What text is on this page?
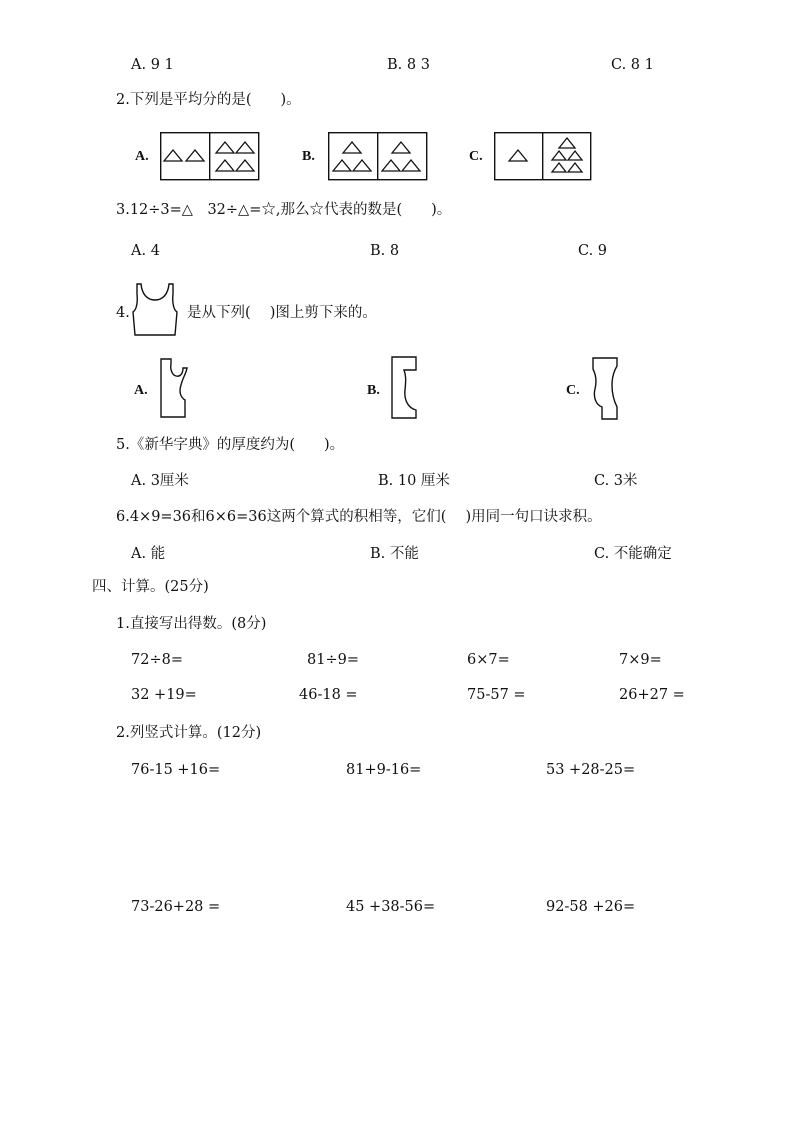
A. 9 1	B. 8 3	C. 8 1
2.下列是平均分的是(　　)。
A.	B.	C.
3.12÷3=△　32÷△=☆,那么☆代表的数是(　　)。
A. 4	B. 8	C. 9
4.	是从下列(　 )图上剪下来的。
A.	B.	C.
5.《新华字典》的厚度约为(　　)。
A. 3厘米	B. 10 厘米	C. 3米
6.4×9=36和6×6=36这两个算式的积相等，它们(　 )用同一句口诀求积。
A. 能	B. 不能	C. 不能确定
四、计算。(25分)
1.直接写出得数。(8分)
72÷8=	81÷9=	6×7=	7×9=
32 +19=	46-18 =	75-57 =	26+27 =
2.列竖式计算。(12分)
76-15 +16=	81+9-16=	53 +28-25=
73-26+28 =	45 +38-56=	92-58 +26=
